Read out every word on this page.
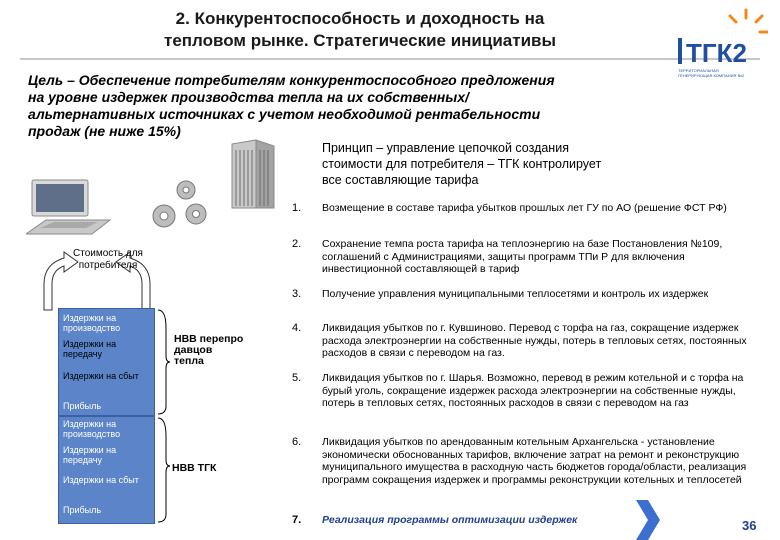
2. Конкурентоспособность и доходность на
тепловом рынке. Стратегические инициативы	ТГК2
ТЕРРИТОРИАЛЬНАЯ ГЕНЕРИРУЮЩАЯ КОМПАНИЯ №2
Цель – Обеспечение потребителям конкурентоспособного предложения
на уровне издержек производства тепла на их собственных/
альтернативных источниках с учетом необходимой рентабельности
продаж (не ниже 15%)
Принцип – управление цепочкой создания
стоимости для потребителя – ТГК контролирует
все составляющие тарифа
Стоимость для потребителя
Издержки на производство
Издержки на передачу
Издержки на сбыт
Прибыль
Издержки на производство
Издержки на передачу
Издержки на сбыт
Прибыль
НВВ перепро давцов тепла
НВВ ТГК
1. Возмещение в составе тарифа убытков прошлых лет ГУ по АО (решение ФСТ РФ)
2. Сохранение темпа роста тарифа на теплоэнергию на базе Постановления №109, соглашений с Администрациями, защиты программ ТПи Р для включения инвестиционной составляющей в тариф
3. Получение управления муниципальными теплосетями и контроль их издержек
4. Ликвидация убытков по г. Кувшиново. Перевод с торфа на газ, сокращение издержек расхода электроэнергии на собственные нужды, потерь в тепловых сетях, постоянных расходов в связи с переводом на газ.
5. Ликвидация убытков по г. Шарья. Возможно, перевод в режим котельной и с торфа на бурый уголь, сокращение издержек расхода электроэнергии на собственные нужды, потерь в тепловых сетях, постоянных расходов в связи с переводом на газ
6. Ликвидация убытков по арендованным котельным Архангельска - установление экономически обоснованных тарифов, включение затрат на ремонт и реконструкцию муниципального имущества в расходную часть бюджетов города/области, реализация программ сокращения издержек и программы реконструкции котельных и теплосетей
7. Реализация программы оптимизации издержек	36
